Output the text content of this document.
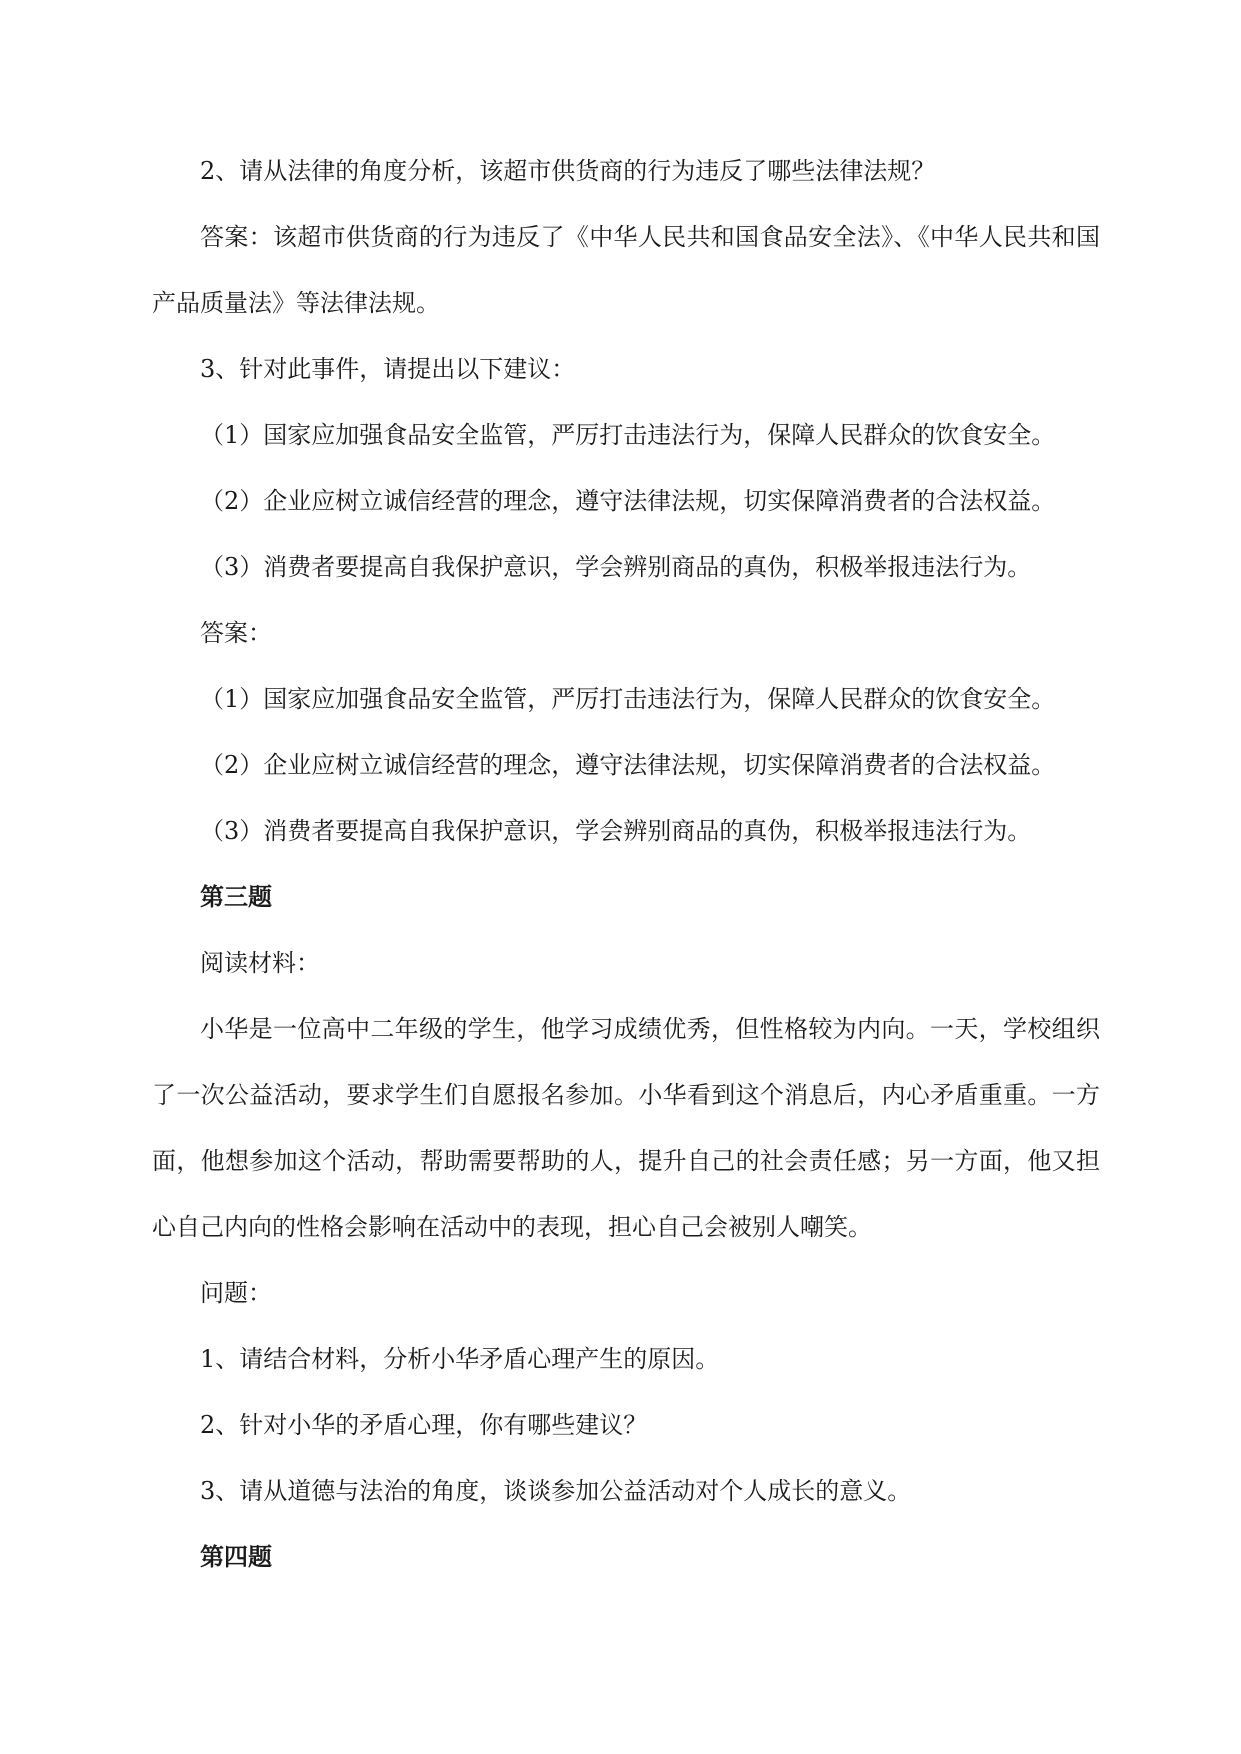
2、请从法律的角度分析，该超市供货商的行为违反了哪些法律法规？

答案：该超市供货商的行为违反了《中华人民共和国食品安全法》、《中华人民共和国产品质量法》等法律法规。

3、针对此事件，请提出以下建议：

（1）国家应加强食品安全监管，严厉打击违法行为，保障人民群众的饮食安全。

（2）企业应树立诚信经营的理念，遵守法律法规，切实保障消费者的合法权益。

（3）消费者要提高自我保护意识，学会辨别商品的真伪，积极举报违法行为。

答案：

（1）国家应加强食品安全监管，严厉打击违法行为，保障人民群众的饮食安全。

（2）企业应树立诚信经营的理念，遵守法律法规，切实保障消费者的合法权益。

（3）消费者要提高自我保护意识，学会辨别商品的真伪，积极举报违法行为。

第三题

阅读材料：

小华是一位高中二年级的学生，他学习成绩优秀，但性格较为内向。一天，学校组织了一次公益活动，要求学生们自愿报名参加。小华看到这个消息后，内心矛盾重重。一方面，他想参加这个活动，帮助需要帮助的人，提升自己的社会责任感；另一方面，他又担心自己内向的性格会影响在活动中的表现，担心自己会被别人嘲笑。

问题：

1、请结合材料，分析小华矛盾心理产生的原因。

2、针对小华的矛盾心理，你有哪些建议？

3、请从道德与法治的角度，谈谈参加公益活动对个人成长的意义。

第四题
